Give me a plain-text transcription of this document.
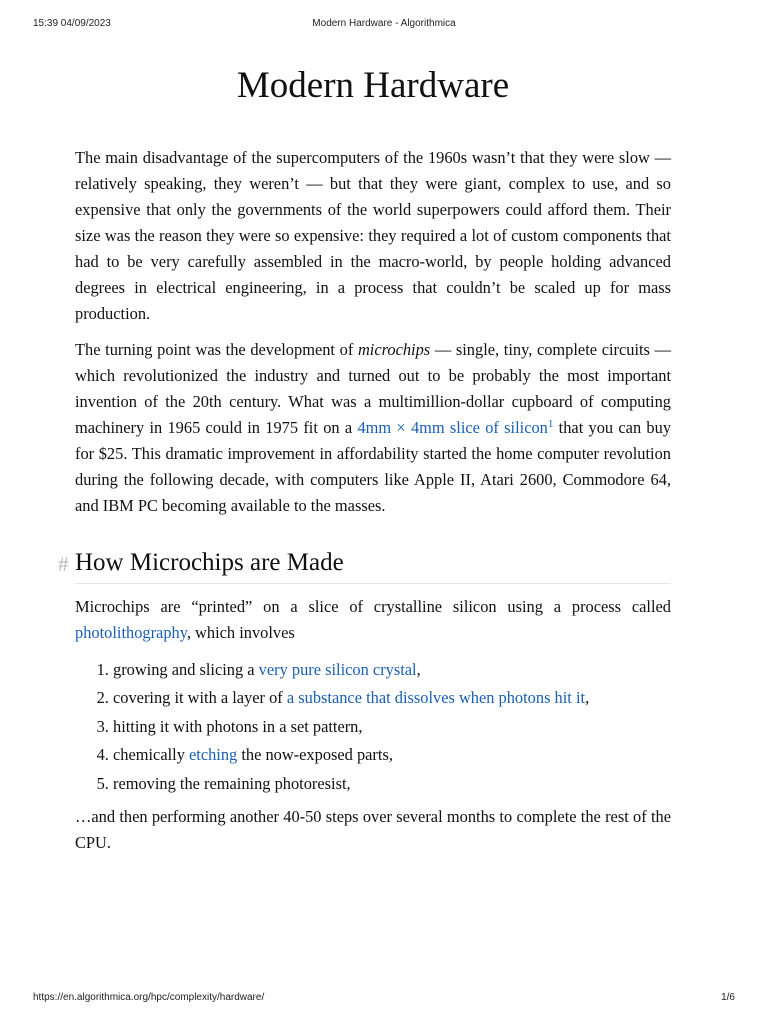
15:39 04/09/2023	Modern Hardware - Algorithmica
Modern Hardware

The main disadvantage of the supercomputers of the 1960s wasn’t that they were slow — relatively speaking, they weren’t — but that they were giant, complex to use, and so expensive that only the governments of the world superpowers could afford them. Their size was the reason they were so expensive: they required a lot of custom components that had to be very carefully assembled in the macro-world, by people holding advanced degrees in electrical engineering, in a process that couldn’t be scaled up for mass production.

The turning point was the development of microchips — single, tiny, complete circuits — which revolutionized the industry and turned out to be probably the most important invention of the 20th century. What was a multimillion-dollar cupboard of computing machinery in 1965 could in 1975 fit on a 4mm × 4mm slice of silicon$^1$ that you can buy for $25. This dramatic improvement in affordability started the home computer revolution during the following decade, with computers like Apple II, Atari 2600, Commodore 64, and IBM PC becoming available to the masses.

# How Microchips are Made

Microchips are “printed” on a slice of crystalline silicon using a process called photolithography, which involves

1. growing and slicing a very pure silicon crystal,
2. covering it with a layer of a substance that dissolves when photons hit it,
3. hitting it with photons in a set pattern,
4. chemically etching the now-exposed parts,
5. removing the remaining photoresist,

…and then performing another 40-50 steps over several months to complete the rest of the CPU.

https://en.algorithmica.org/hpc/complexity/hardware/	1/6
